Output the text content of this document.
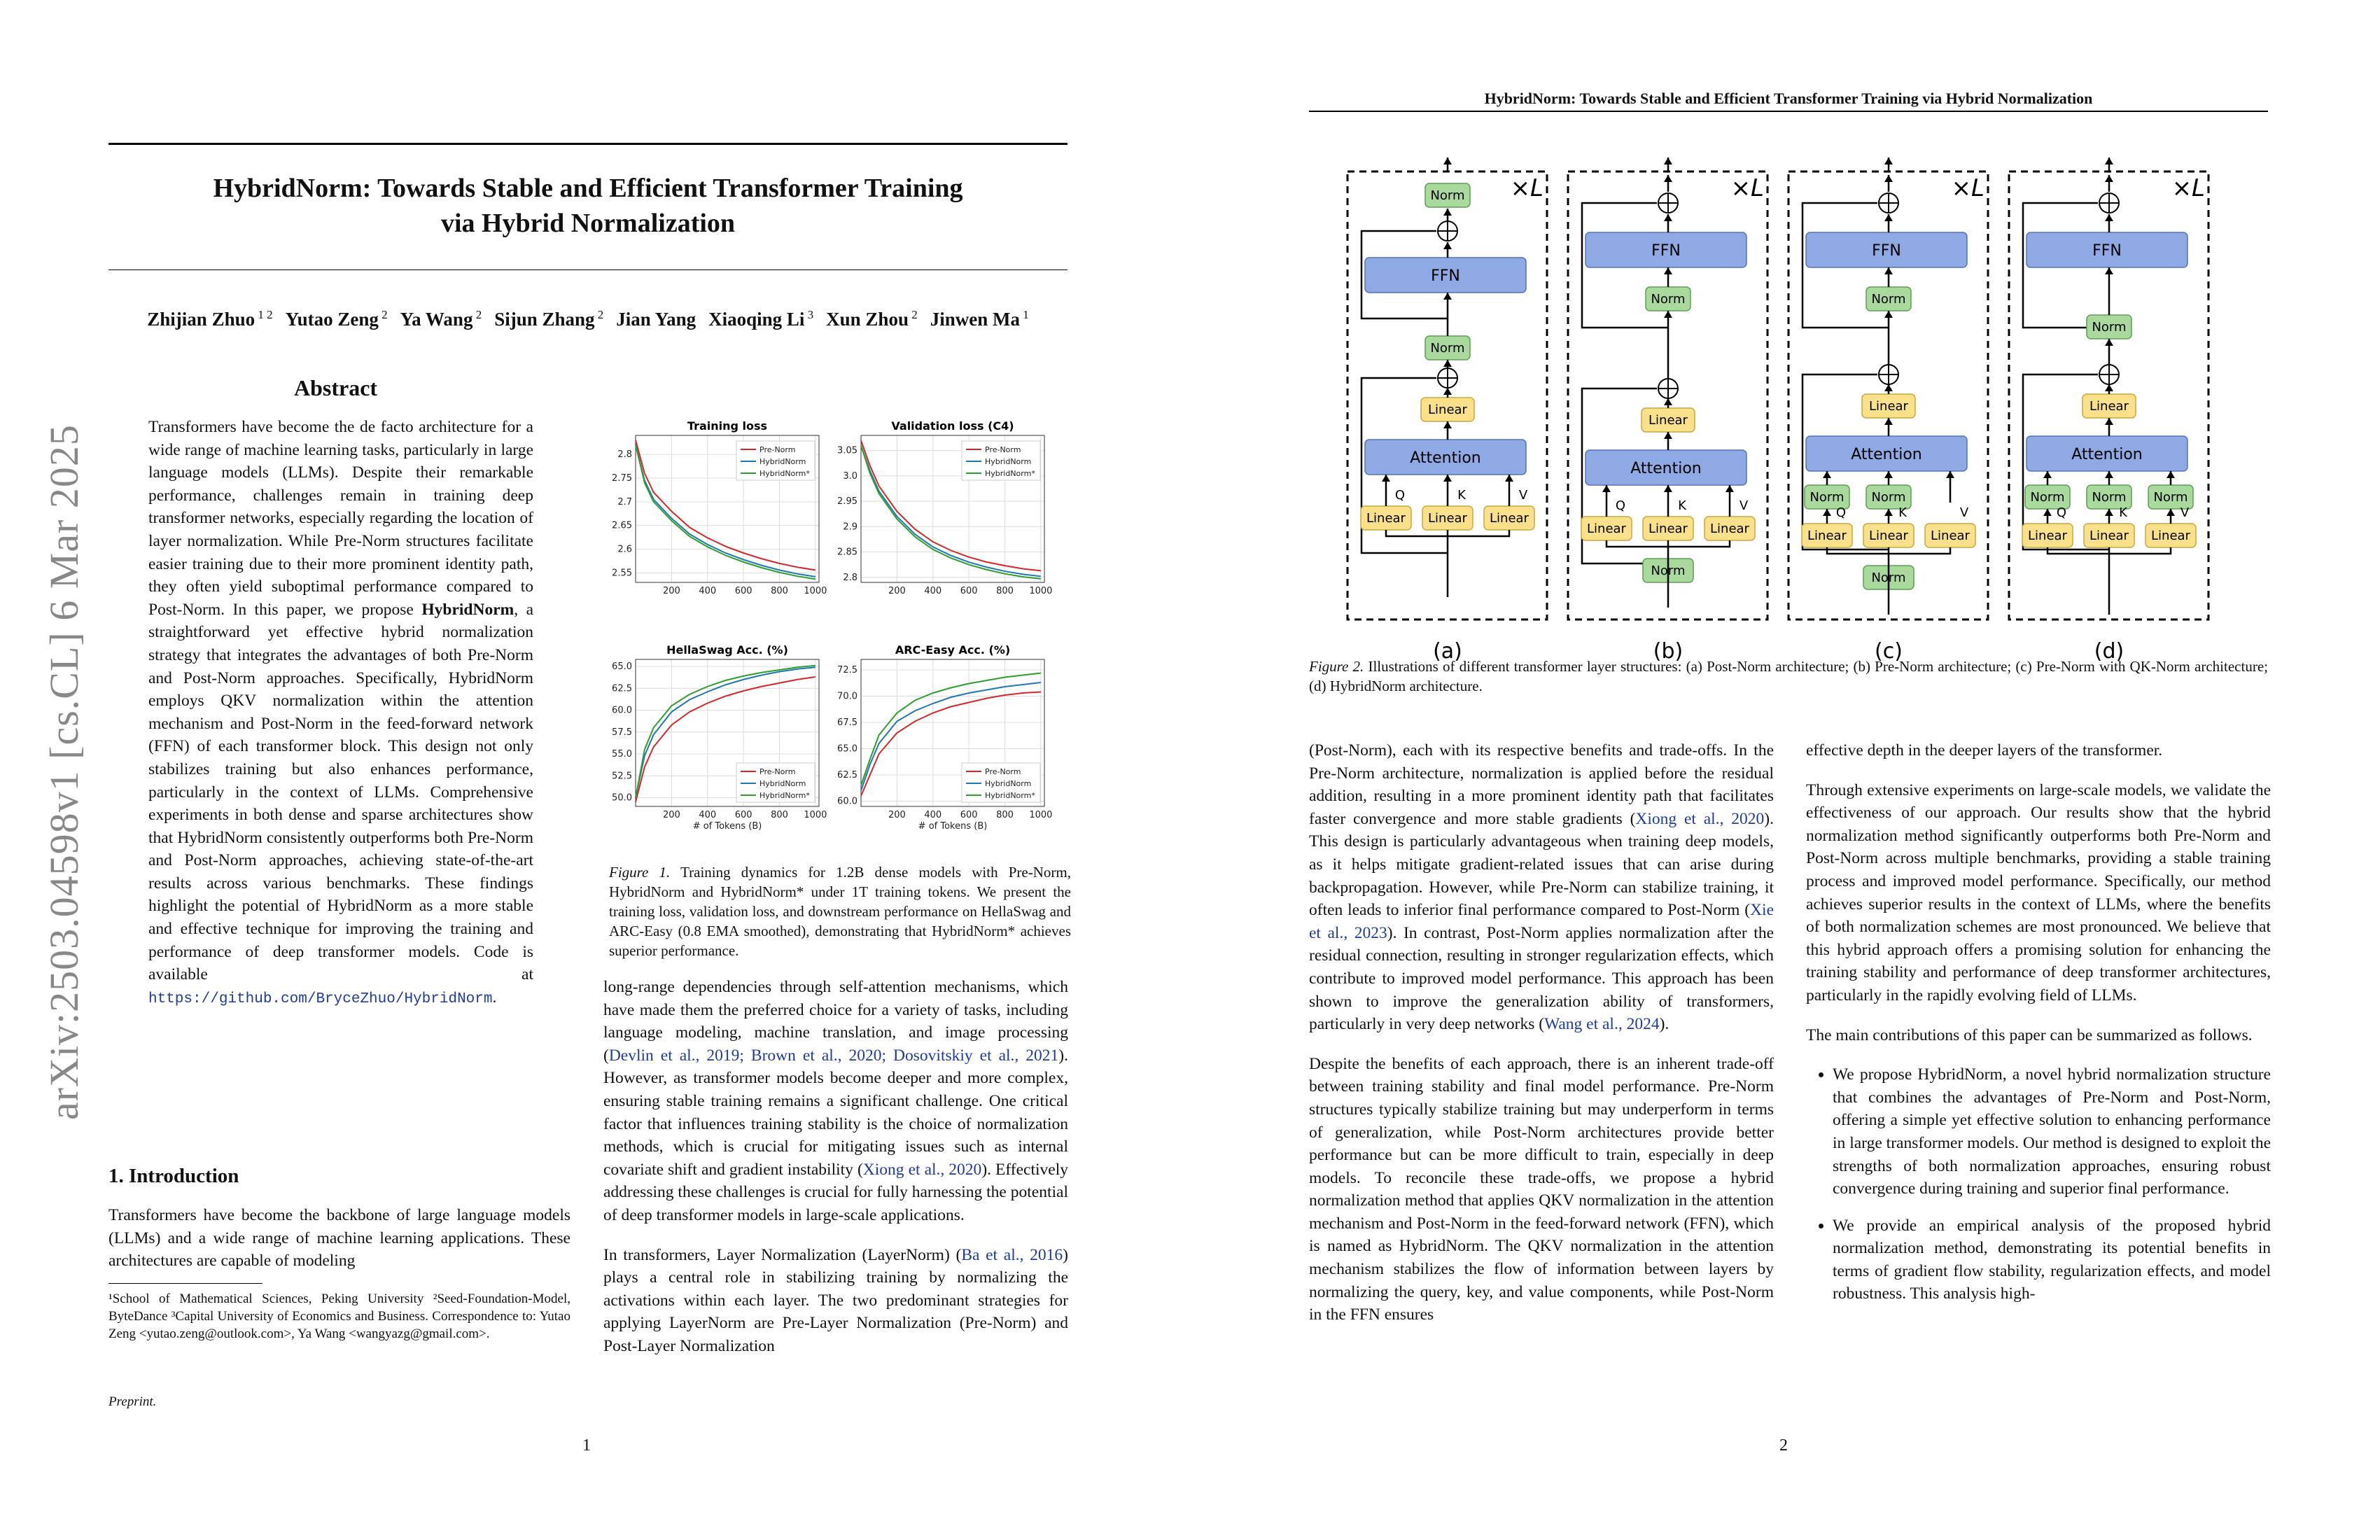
arXiv:2503.04598v1 [cs.CL] 6 Mar 2025
HybridNorm: Towards Stable and Efficient Transformer Training
via Hybrid Normalization
Zhijian Zhuo $^{1 2}$ Yutao Zeng $^2$ Ya Wang $^2$ Sijun Zhang $^2$ Jian Yang Xiaoqing Li $^3$ Xun Zhou $^2$ Jinwen Ma $^1$
Abstract
Transformers have become the de facto architecture for a wide range of machine learning tasks, particularly in large language models (LLMs). Despite their remarkable performance, challenges remain in training deep transformer networks, especially regarding the location of layer normalization. While Pre-Norm structures facilitate easier training due to their more prominent identity path, they often yield suboptimal performance compared to Post-Norm. In this paper, we propose HybridNorm, a straightforward yet effective hybrid normalization strategy that integrates the advantages of both Pre-Norm and Post-Norm approaches. Specifically, HybridNorm employs QKV normalization within the attention mechanism and Post-Norm in the feed-forward network (FFN) of each transformer block. This design not only stabilizes training but also enhances performance, particularly in the context of LLMs. Comprehensive experiments in both dense and sparse architectures show that HybridNorm consistently outperforms both Pre-Norm and Post-Norm approaches, achieving state-of-the-art results across various benchmarks. These findings highlight the potential of HybridNorm as a more stable and effective technique for improving the training and performance of deep transformer models. Code is available at https://github.com/BryceZhuo/HybridNorm.
1. Introduction
Transformers have become the backbone of large language models (LLMs) and a wide range of machine learning applications. These architectures are capable of modeling
¹School of Mathematical Sciences, Peking University ²Seed-Foundation-Model, ByteDance ³Capital University of Economics and Business. Correspondence to: Yutao Zeng <yutao.zeng@outlook.com>, Ya Wang <wangyazg@gmail.com>.
Preprint.
Training loss
2.55
2.6
2.65
2.7
2.75
2.8
200 400 600 800 1000
Pre-Norm
HybridNorm
HybridNorm*
Validation loss (C4)
2.8
2.85
2.9
2.95
3.0
3.05
200 400 600 800 1000
Pre-Norm
HybridNorm
HybridNorm*
HellaSwag Acc. (%)
50.0
52.5
55.0
57.5
60.0
62.5
65.0
200 400 600 800 1000
# of Tokens (B)
Pre-Norm
HybridNorm
HybridNorm*
ARC-Easy Acc. (%)
60.0
62.5
65.0
67.5
70.0
72.5
200 400 600 800 1000
# of Tokens (B)
Pre-Norm
HybridNorm
HybridNorm*
Figure 1. Training dynamics for 1.2B dense models with Pre-Norm, HybridNorm and HybridNorm* under 1T training tokens. We present the training loss, validation loss, and downstream performance on HellaSwag and ARC-Easy (0.8 EMA smoothed), demonstrating that HybridNorm* achieves superior performance.

long-range dependencies through self-attention mechanisms, which have made them the preferred choice for a variety of tasks, including language modeling, machine translation, and image processing (Devlin et al., 2019; Brown et al., 2020; Dosovitskiy et al., 2021). However, as transformer models become deeper and more complex, ensuring stable training remains a significant challenge. One critical factor that influences training stability is the choice of normalization methods, which is crucial for mitigating issues such as internal covariate shift and gradient instability (Xiong et al., 2020). Effectively addressing these challenges is crucial for fully harnessing the potential of deep transformer models in large-scale applications.

In transformers, Layer Normalization (LayerNorm) (Ba et al., 2016) plays a central role in stabilizing training by normalizing the activations within each layer. The two predominant strategies for applying LayerNorm are Pre-Layer Normalization (Pre-Norm) and Post-Layer Normalization

1
HybridNorm: Towards Stable and Efficient Transformer Training via Hybrid Normalization
×L
Norm
FFN
Norm
Linear
Attention
Linear
Q
Linear
K
Linear
V
(a)
×L
FFN
Norm
Linear
Attention
Linear
Q
Linear
K
Linear
V
Norm
(b)
×L
FFN
Norm
Linear
Attention
Norm Norm
Linear
Q
Linear
K
Linear
V
Norm
(c)
×L
FFN
Norm
Linear
Attention
Norm Norm Norm
Linear
Q
Linear
K
Linear
V
(d)
Figure 2. Illustrations of different transformer layer structures: (a) Post-Norm architecture; (b) Pre-Norm architecture; (c) Pre-Norm with QK-Norm architecture; (d) HybridNorm architecture.

(Post-Norm), each with its respective benefits and trade-offs. In the Pre-Norm architecture, normalization is applied before the residual addition, resulting in a more prominent identity path that facilitates faster convergence and more stable gradients (Xiong et al., 2020). This design is particularly advantageous when training deep models, as it helps mitigate gradient-related issues that can arise during backpropagation. However, while Pre-Norm can stabilize training, it often leads to inferior final performance compared to Post-Norm (Xie et al., 2023). In contrast, Post-Norm applies normalization after the residual connection, resulting in stronger regularization effects, which contribute to improved model performance. This approach has been shown to improve the generalization ability of transformers, particularly in very deep networks (Wang et al., 2024).

Despite the benefits of each approach, there is an inherent trade-off between training stability and final model performance. Pre-Norm structures typically stabilize training but may underperform in terms of generalization, while Post-Norm architectures provide better performance but can be more difficult to train, especially in deep models. To reconcile these trade-offs, we propose a hybrid normalization method that applies QKV normalization in the attention mechanism and Post-Norm in the feed-forward network (FFN), which is named as HybridNorm. The QKV normalization in the attention mechanism stabilizes the flow of information between layers by normalizing the query, key, and value components, while Post-Norm in the FFN ensures

effective depth in the deeper layers of the transformer.

Through extensive experiments on large-scale models, we validate the effectiveness of our approach. Our results show that the hybrid normalization method significantly outperforms both Pre-Norm and Post-Norm across multiple benchmarks, providing a stable training process and improved model performance. Specifically, our method achieves superior results in the context of LLMs, where the benefits of both normalization schemes are most pronounced. We believe that this hybrid approach offers a promising solution for enhancing the training stability and performance of deep transformer architectures, particularly in the rapidly evolving field of LLMs.

The main contributions of this paper can be summarized as follows.

• We propose HybridNorm, a novel hybrid normalization structure that combines the advantages of Pre-Norm and Post-Norm, offering a simple yet effective solution to enhancing performance in large transformer models. Our method is designed to exploit the strengths of both normalization approaches, ensuring robust convergence during training and superior final performance.
• We provide an empirical analysis of the proposed hybrid normalization method, demonstrating its potential benefits in terms of gradient flow stability, regularization effects, and model robustness. This analysis high-
2
